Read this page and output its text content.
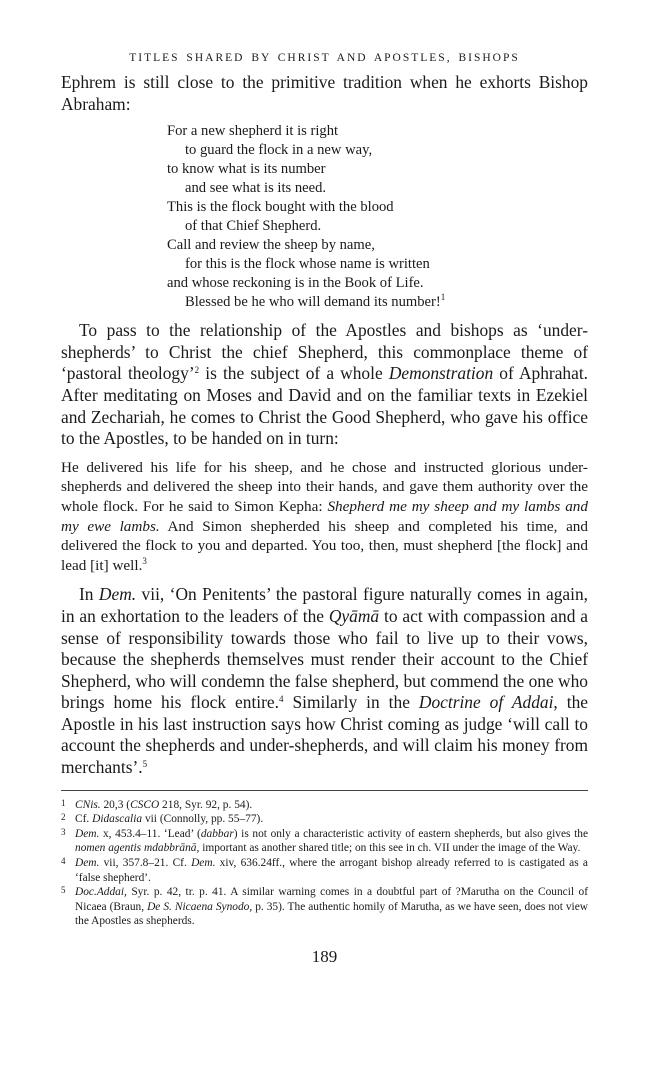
TITLES SHARED BY CHRIST AND APOSTLES, BISHOPS

Ephrem is still close to the primitive tradition when he exhorts Bishop Abraham:

For a new shepherd it is right
to guard the flock in a new way,
to know what is its number
and see what is its need.
This is the flock bought with the blood
of that Chief Shepherd.
Call and review the sheep by name,
for this is the flock whose name is written
and whose reckoning is in the Book of Life.
Blessed be he who will demand its number!$^1$

To pass to the relationship of the Apostles and bishops as ‘under-shepherds’ to Christ the chief Shepherd, this commonplace theme of ‘pastoral theology’$^2$ is the subject of a whole Demonstration of Aphrahat. After meditating on Moses and David and on the familiar texts in Ezekiel and Zechariah, he comes to Christ the Good Shepherd, who gave his office to the Apostles, to be handed on in turn:

He delivered his life for his sheep, and he chose and instructed glorious under-shepherds and delivered the sheep into their hands, and gave them authority over the whole flock. For he said to Simon Kepha: Shepherd me my sheep and my lambs and my ewe lambs. And Simon shepherded his sheep and completed his time, and delivered the flock to you and departed. You too, then, must shepherd [the flock] and lead [it] well.$^3$

In Dem. vii, ‘On Penitents’ the pastoral figure naturally comes in again, in an exhortation to the leaders of the Qyāmā to act with compassion and a sense of responsibility towards those who fail to live up to their vows, because the shepherds themselves must render their account to the Chief Shepherd, who will condemn the false shepherd, but commend the one who brings home his flock entire.$^4$ Similarly in the Doctrine of Addai, the Apostle in his last instruction says how Christ coming as judge ‘will call to account the shepherds and under-shepherds, and will claim his money from merchants’.$^5$

1 CNis. 20,3 (CSCO 218, Syr. 92, p. 54).
2 Cf. Didascalia vii (Connolly, pp. 55–77).
3 Dem. x, 453.4–11. ‘Lead’ (dabbar) is not only a characteristic activity of eastern shepherds, but also gives the nomen agentis mdabbrānā, important as another shared title; on this see in ch. VII under the image of the Way.
4 Dem. vii, 357.8–21. Cf. Dem. xiv, 636.24ff., where the arrogant bishop already referred to is castigated as a ‘false shepherd’.
5 Doc.Addai, Syr. p. 42, tr. p. 41. A similar warning comes in a doubtful part of ?Marutha on the Council of Nicaea (Braun, De S. Nicaena Synodo, p. 35). The authentic homily of Marutha, as we have seen, does not view the Apostles as shepherds.
189
